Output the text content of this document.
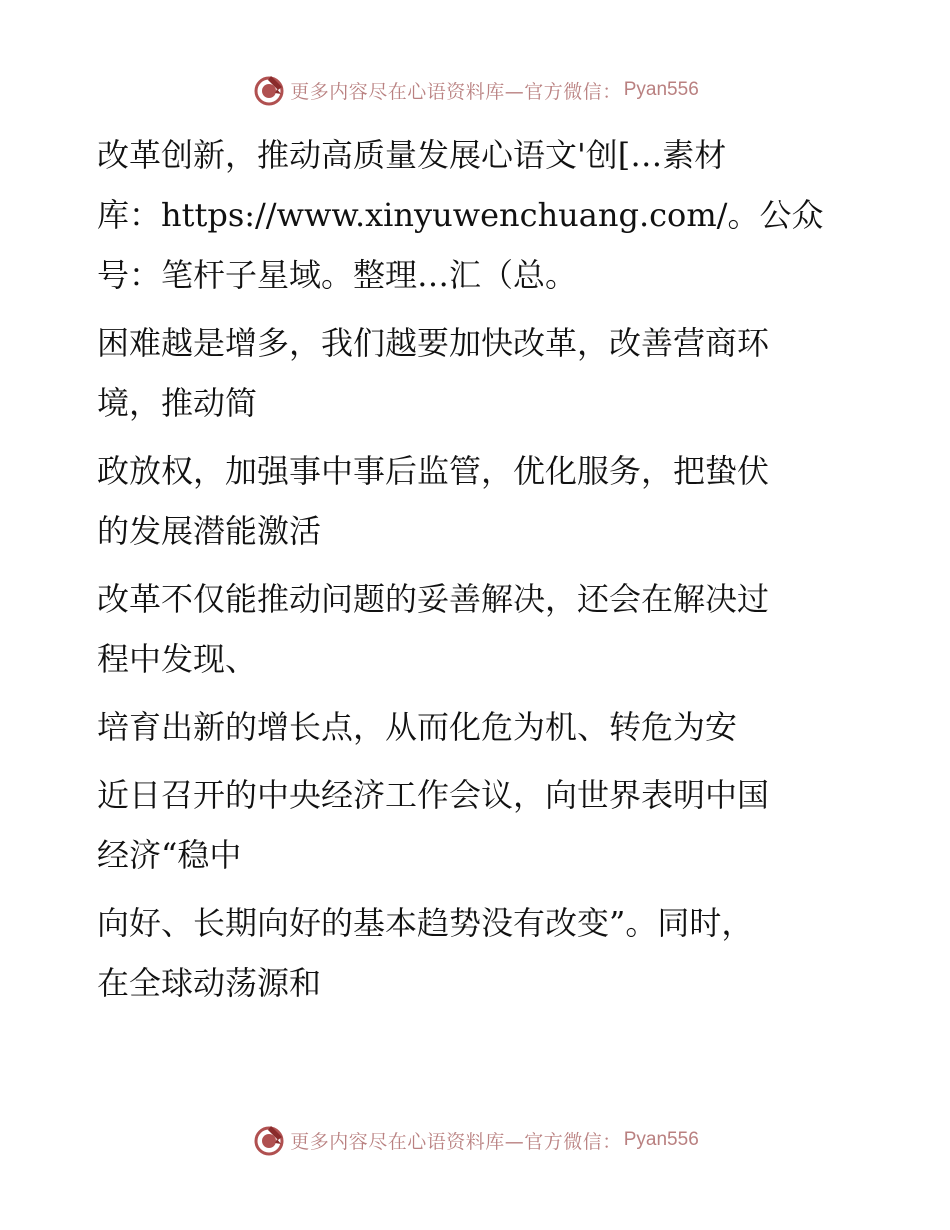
更多内容尽在心语资料库—官方微信： Pyan556

改革创新，推动高质量发展心语文'创[…素材
库：https://www.xinyuwenchuang.com/。公众
号：笔杆子星域。整理…汇（总。

困难越是增多，我们越要加快改革，改善营商环
境，推动简

政放权，加强事中事后监管，优化服务，把蛰伏
的发展潜能激活

改革不仅能推动问题的妥善解决，还会在解决过
程中发现、

培育出新的增长点，从而化危为机、转危为安

近日召开的中央经济工作会议，向世界表明中国
经济“稳中

向好、长期向好的基本趋势没有改变”。同时，
在全球动荡源和

更多内容尽在心语资料库—官方微信： Pyan556
